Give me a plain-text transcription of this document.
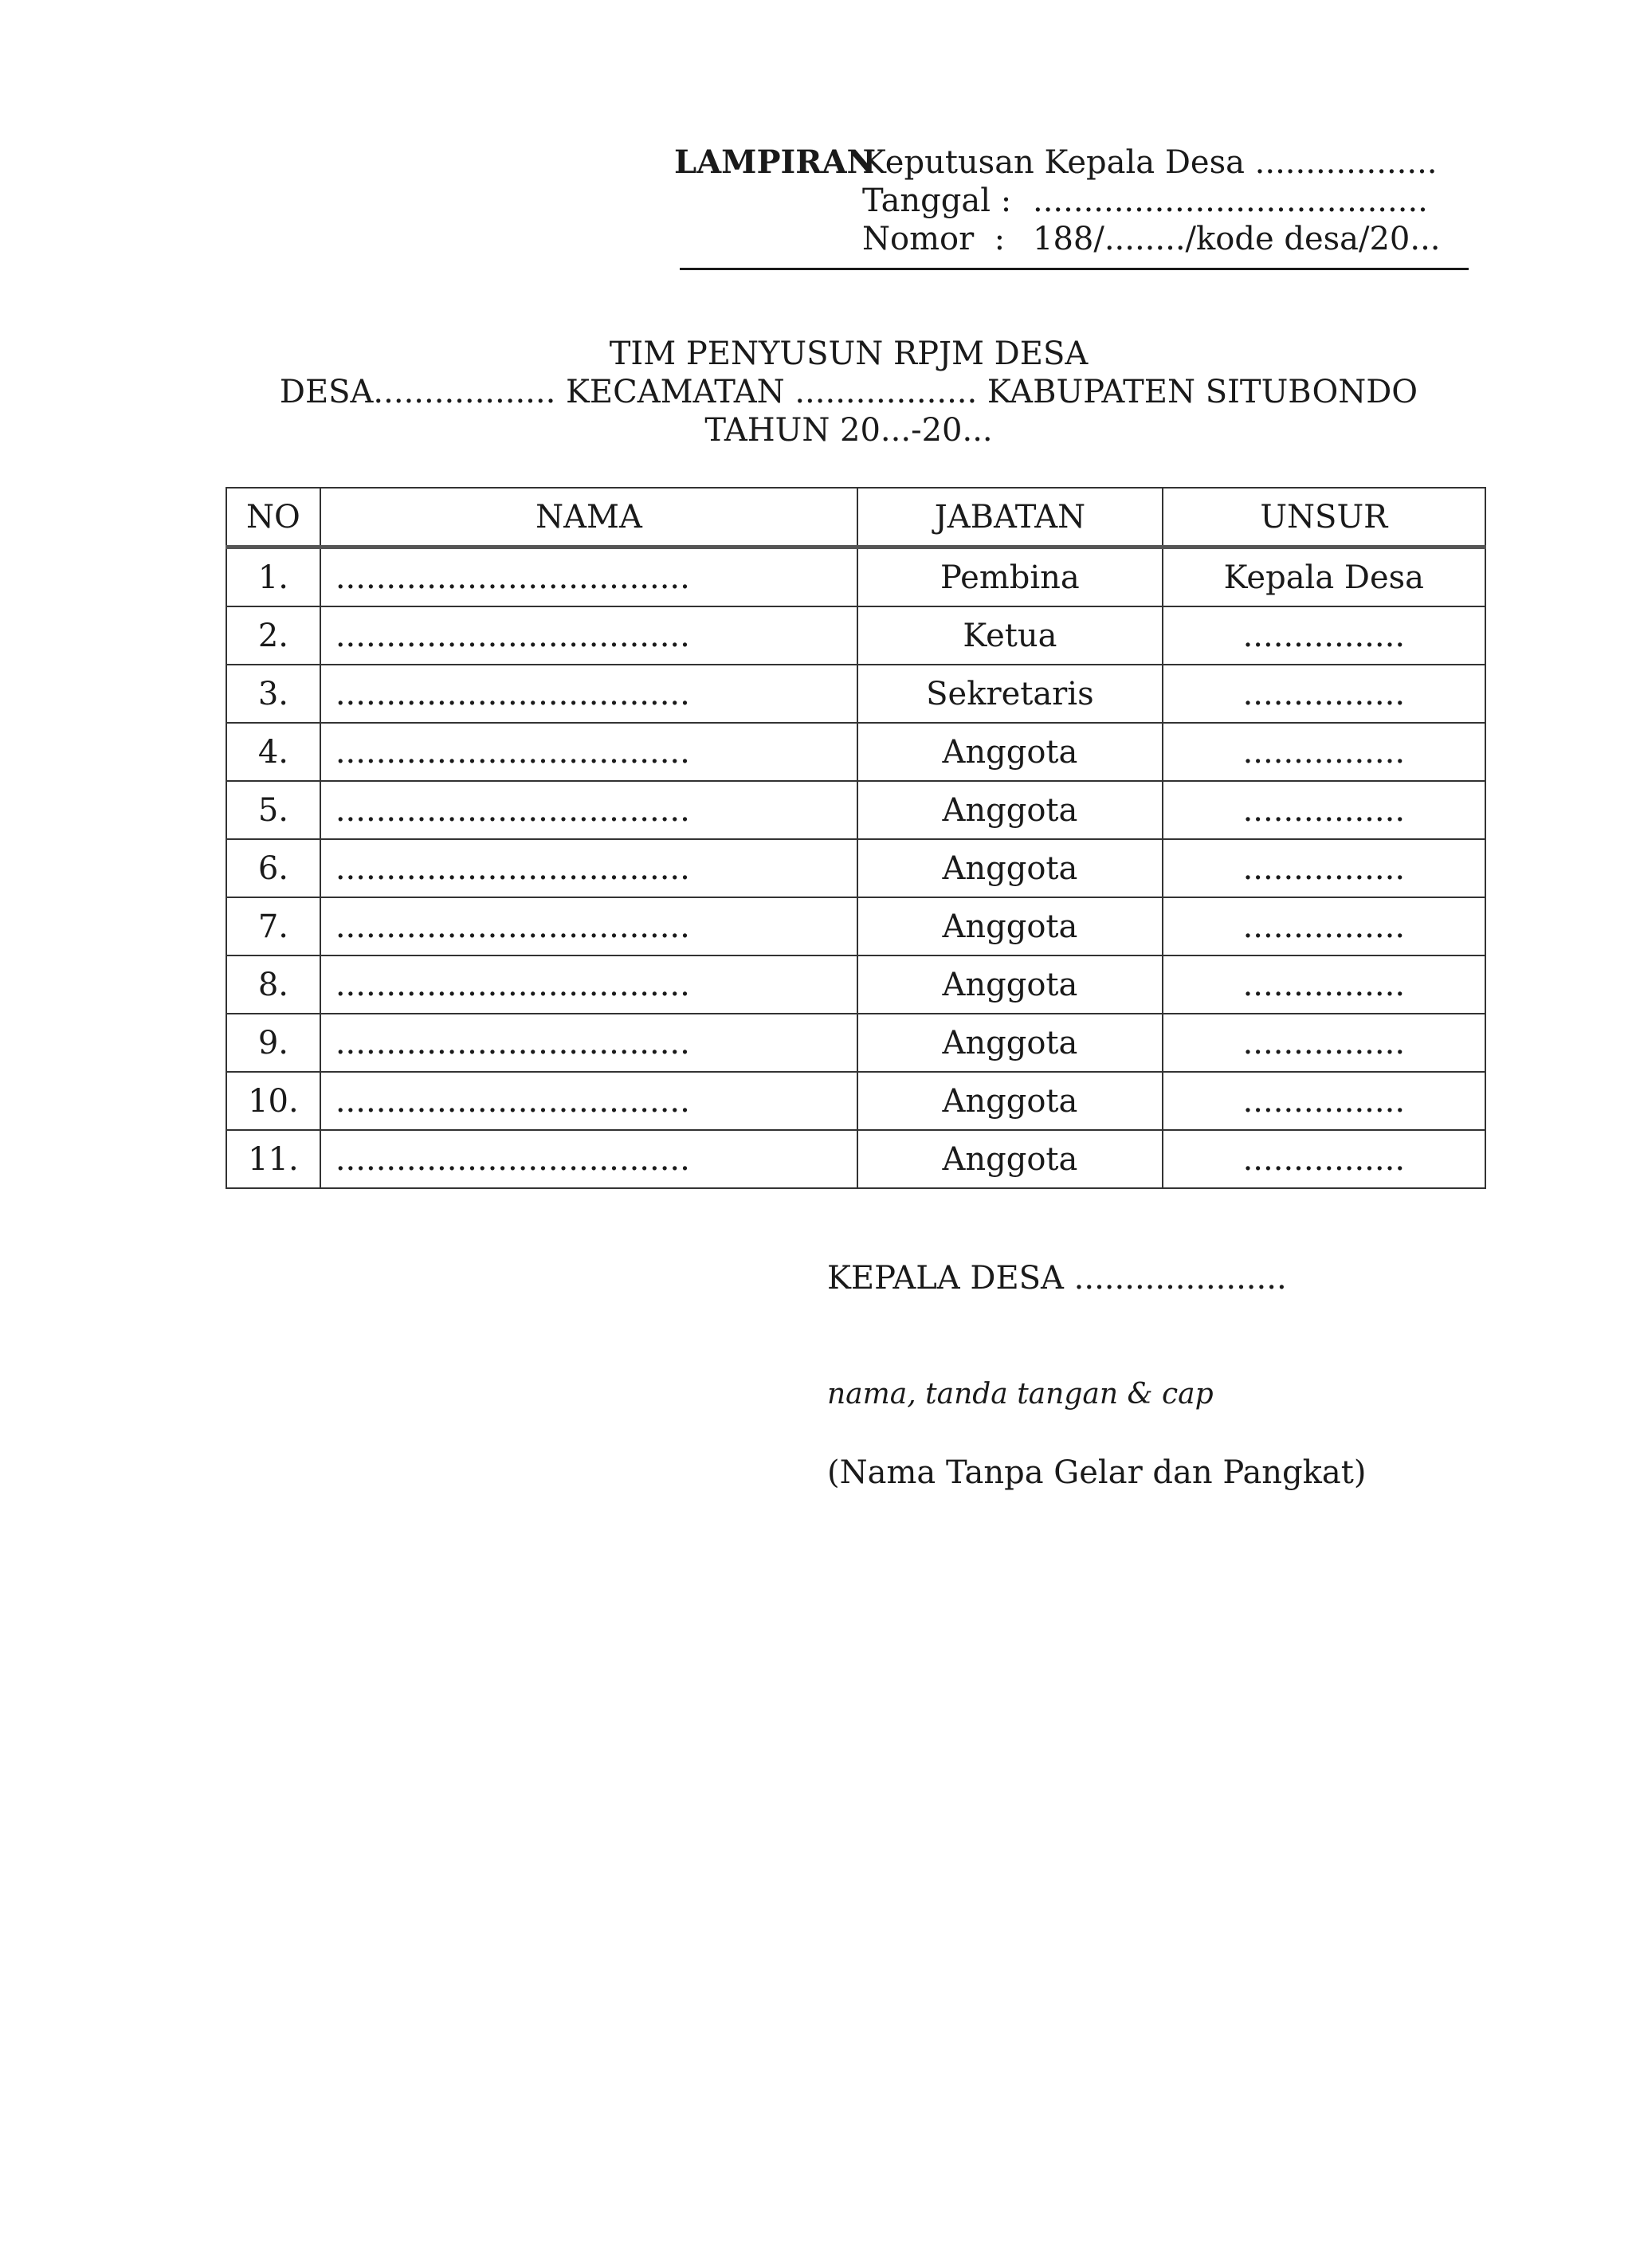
LAMPIRANKeputusan Kepala Desa ..................
Tanggal : .......................................
Nomor  : 188/......../kode desa/20...
TIM PENYUSUN RPJM DESA
DESA.................. KECAMATAN .................. KABUPATEN SITUBONDO
TAHUN 20...-20...
NO	NAMA	JABATAN	UNSUR
1.	...................................	Pembina	Kepala Desa
2.	...................................	Ketua	................
3.	...................................	Sekretaris	................
4.	...................................	Anggota	................
5.	...................................	Anggota	................
6.	...................................	Anggota	................
7.	...................................	Anggota	................
8.	...................................	Anggota	................
9.	...................................	Anggota	................
10.	...................................	Anggota	................
11.	...................................	Anggota	................
KEPALA DESA .....................
nama, tanda tangan & cap
(Nama Tanpa Gelar dan Pangkat)
